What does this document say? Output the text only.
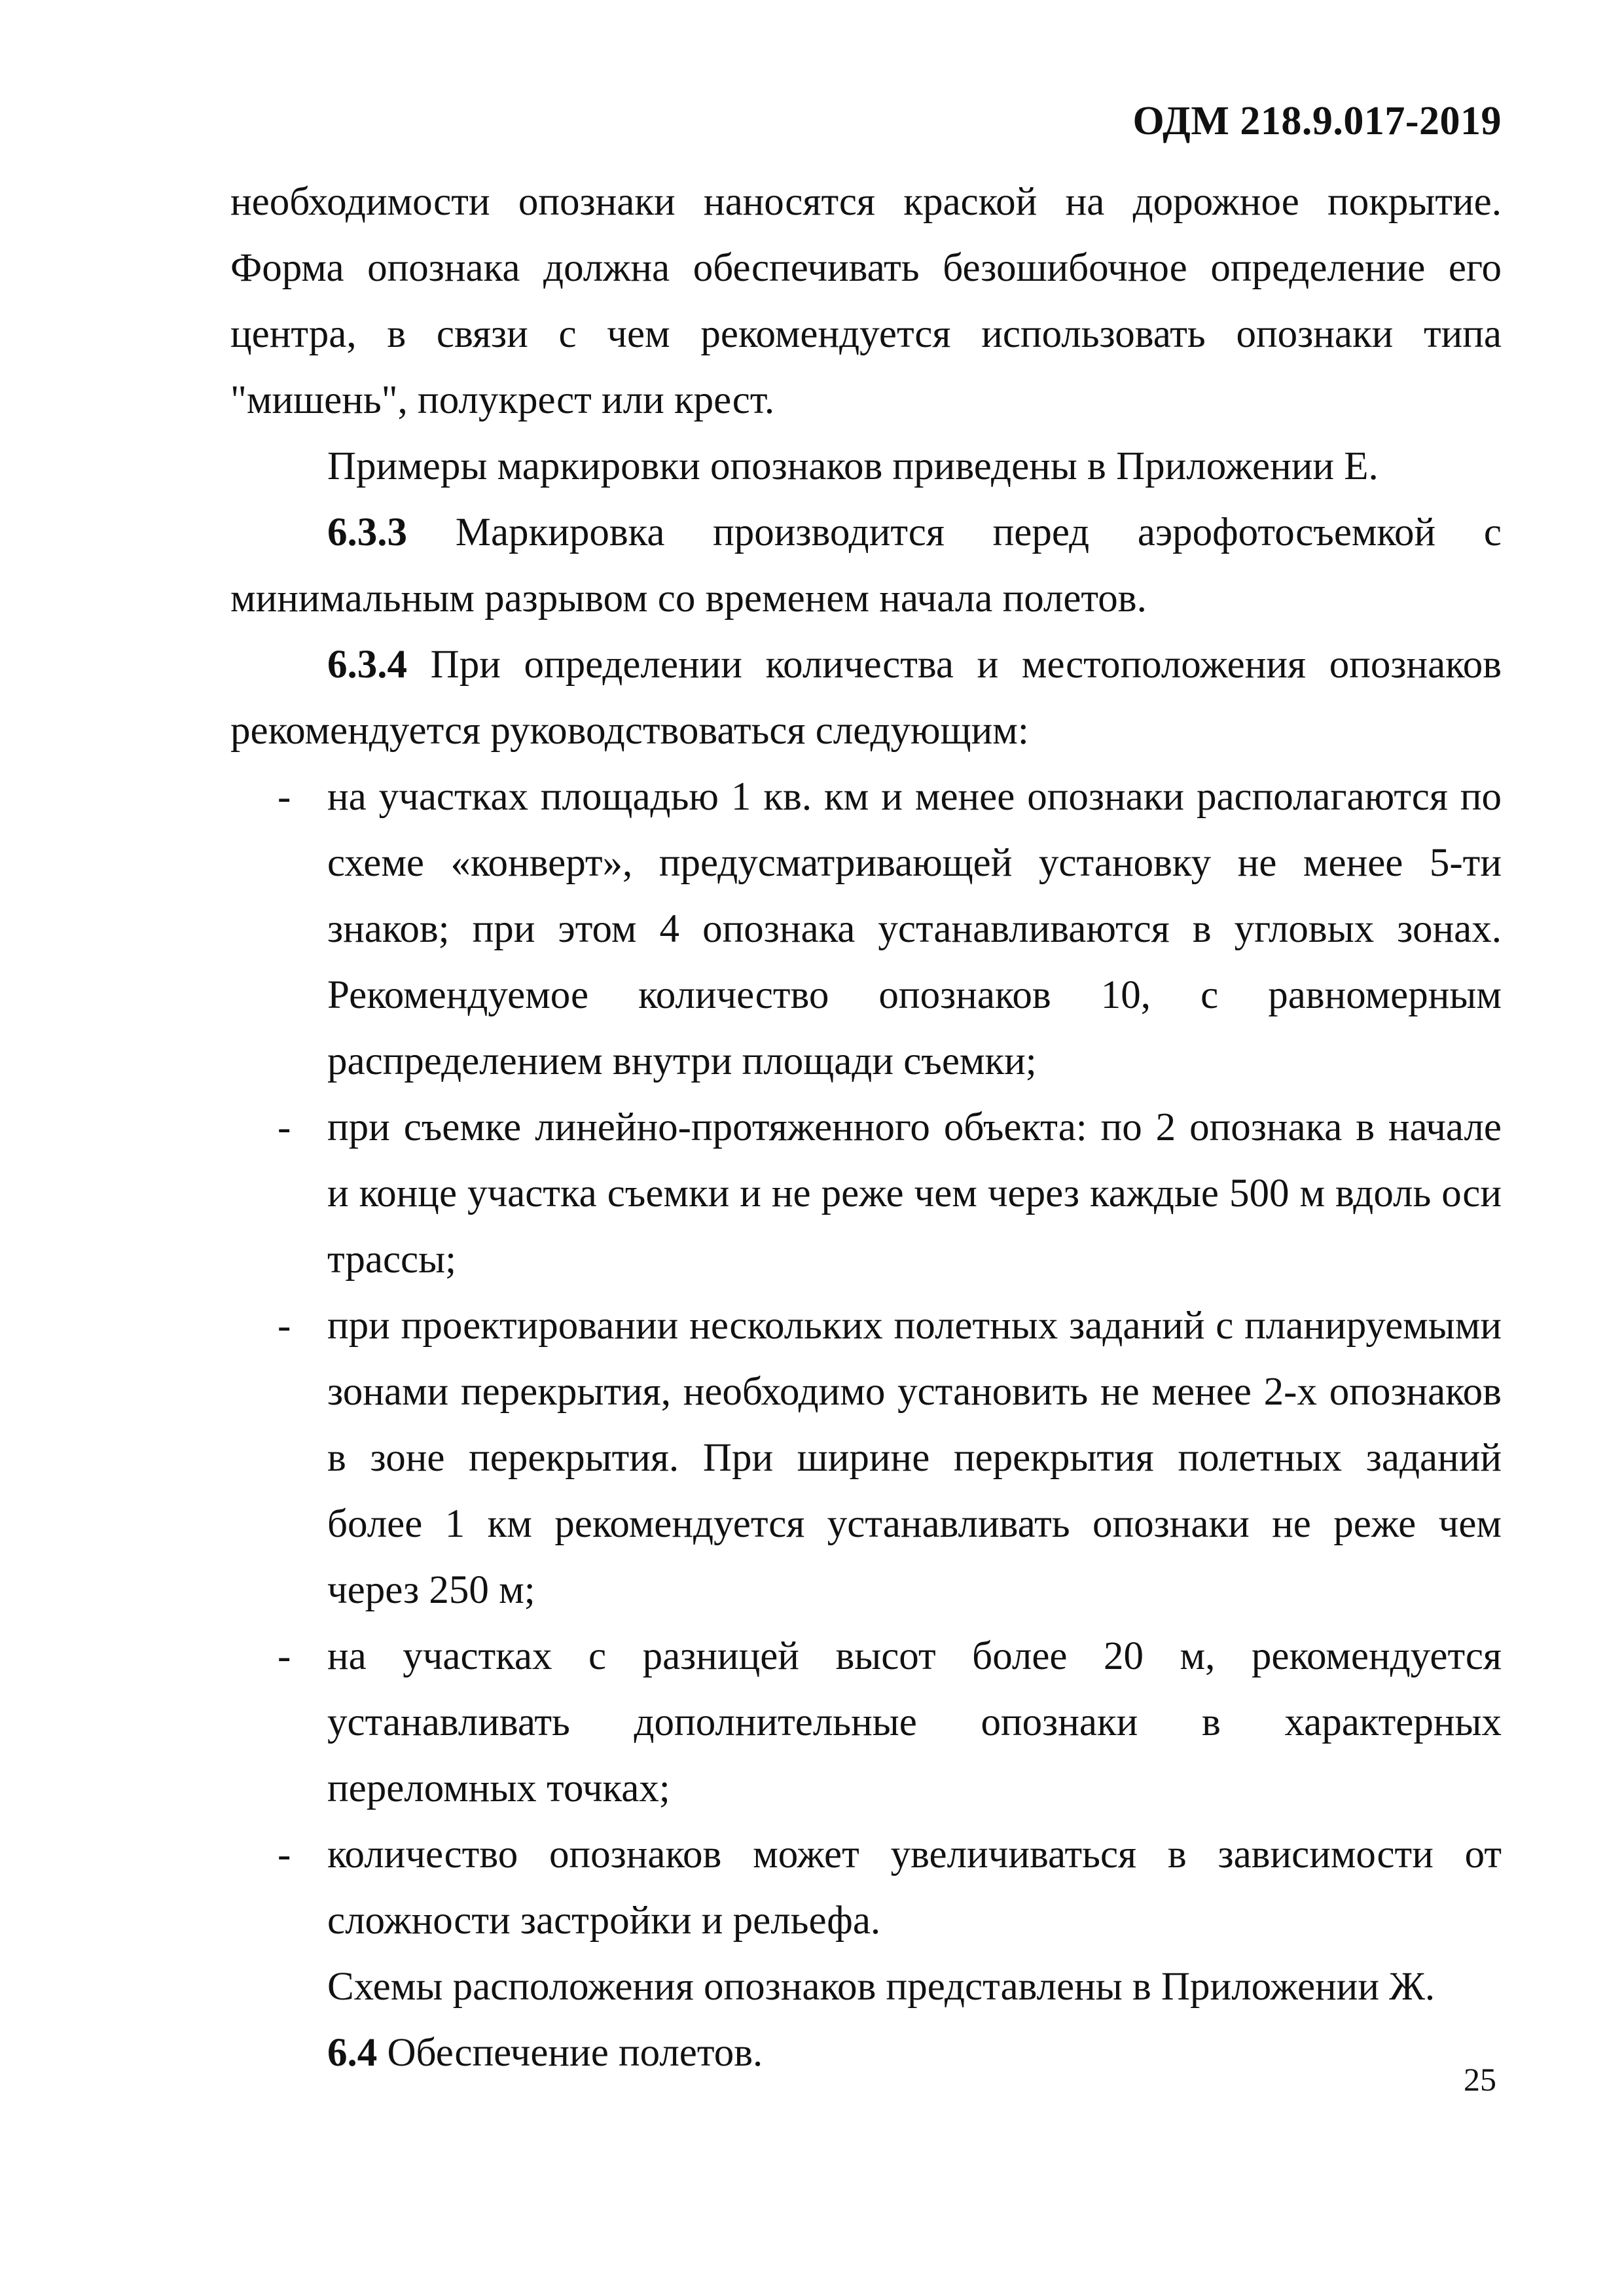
ОДМ 218.9.017-2019

необходимости опознаки наносятся краской на дорожное покрытие. Форма опознака должна обеспечивать безошибочное определение его центра, в связи с чем рекомендуется использовать опознаки типа "мишень", полукрест или крест.

Примеры маркировки опознаков приведены в Приложении Е.

6.3.3 Маркировка производится перед аэрофотосъемкой с минимальным разрывом со временем начала полетов.

6.3.4 При определении количества и местоположения опознаков рекомендуется руководствоваться следующим:

- на участках площадью 1 кв. км и менее опознаки располагаются по схеме «конверт», предусматривающей установку не менее 5-ти знаков; при этом 4 опознака устанавливаются в угловых зонах. Рекомендуемое количество опознаков 10, с равномерным распределением внутри площади съемки;
- при съемке линейно-протяженного объекта: по 2 опознака в начале и конце участка съемки и не реже чем через каждые 500 м вдоль оси трассы;
- при проектировании нескольких полетных заданий с планируемыми зонами перекрытия, необходимо установить не менее 2-х опознаков в зоне перекрытия. При ширине перекрытия полетных заданий более 1 км рекомендуется устанавливать опознаки не реже чем через 250 м;
- на участках с разницей высот более 20 м, рекомендуется устанавливать дополнительные опознаки в характерных переломных точках;
- количество опознаков может увеличиваться в зависимости от сложности застройки и рельефа.

Схемы расположения опознаков представлены в Приложении Ж.

6.4 Обеспечение полетов.

25
